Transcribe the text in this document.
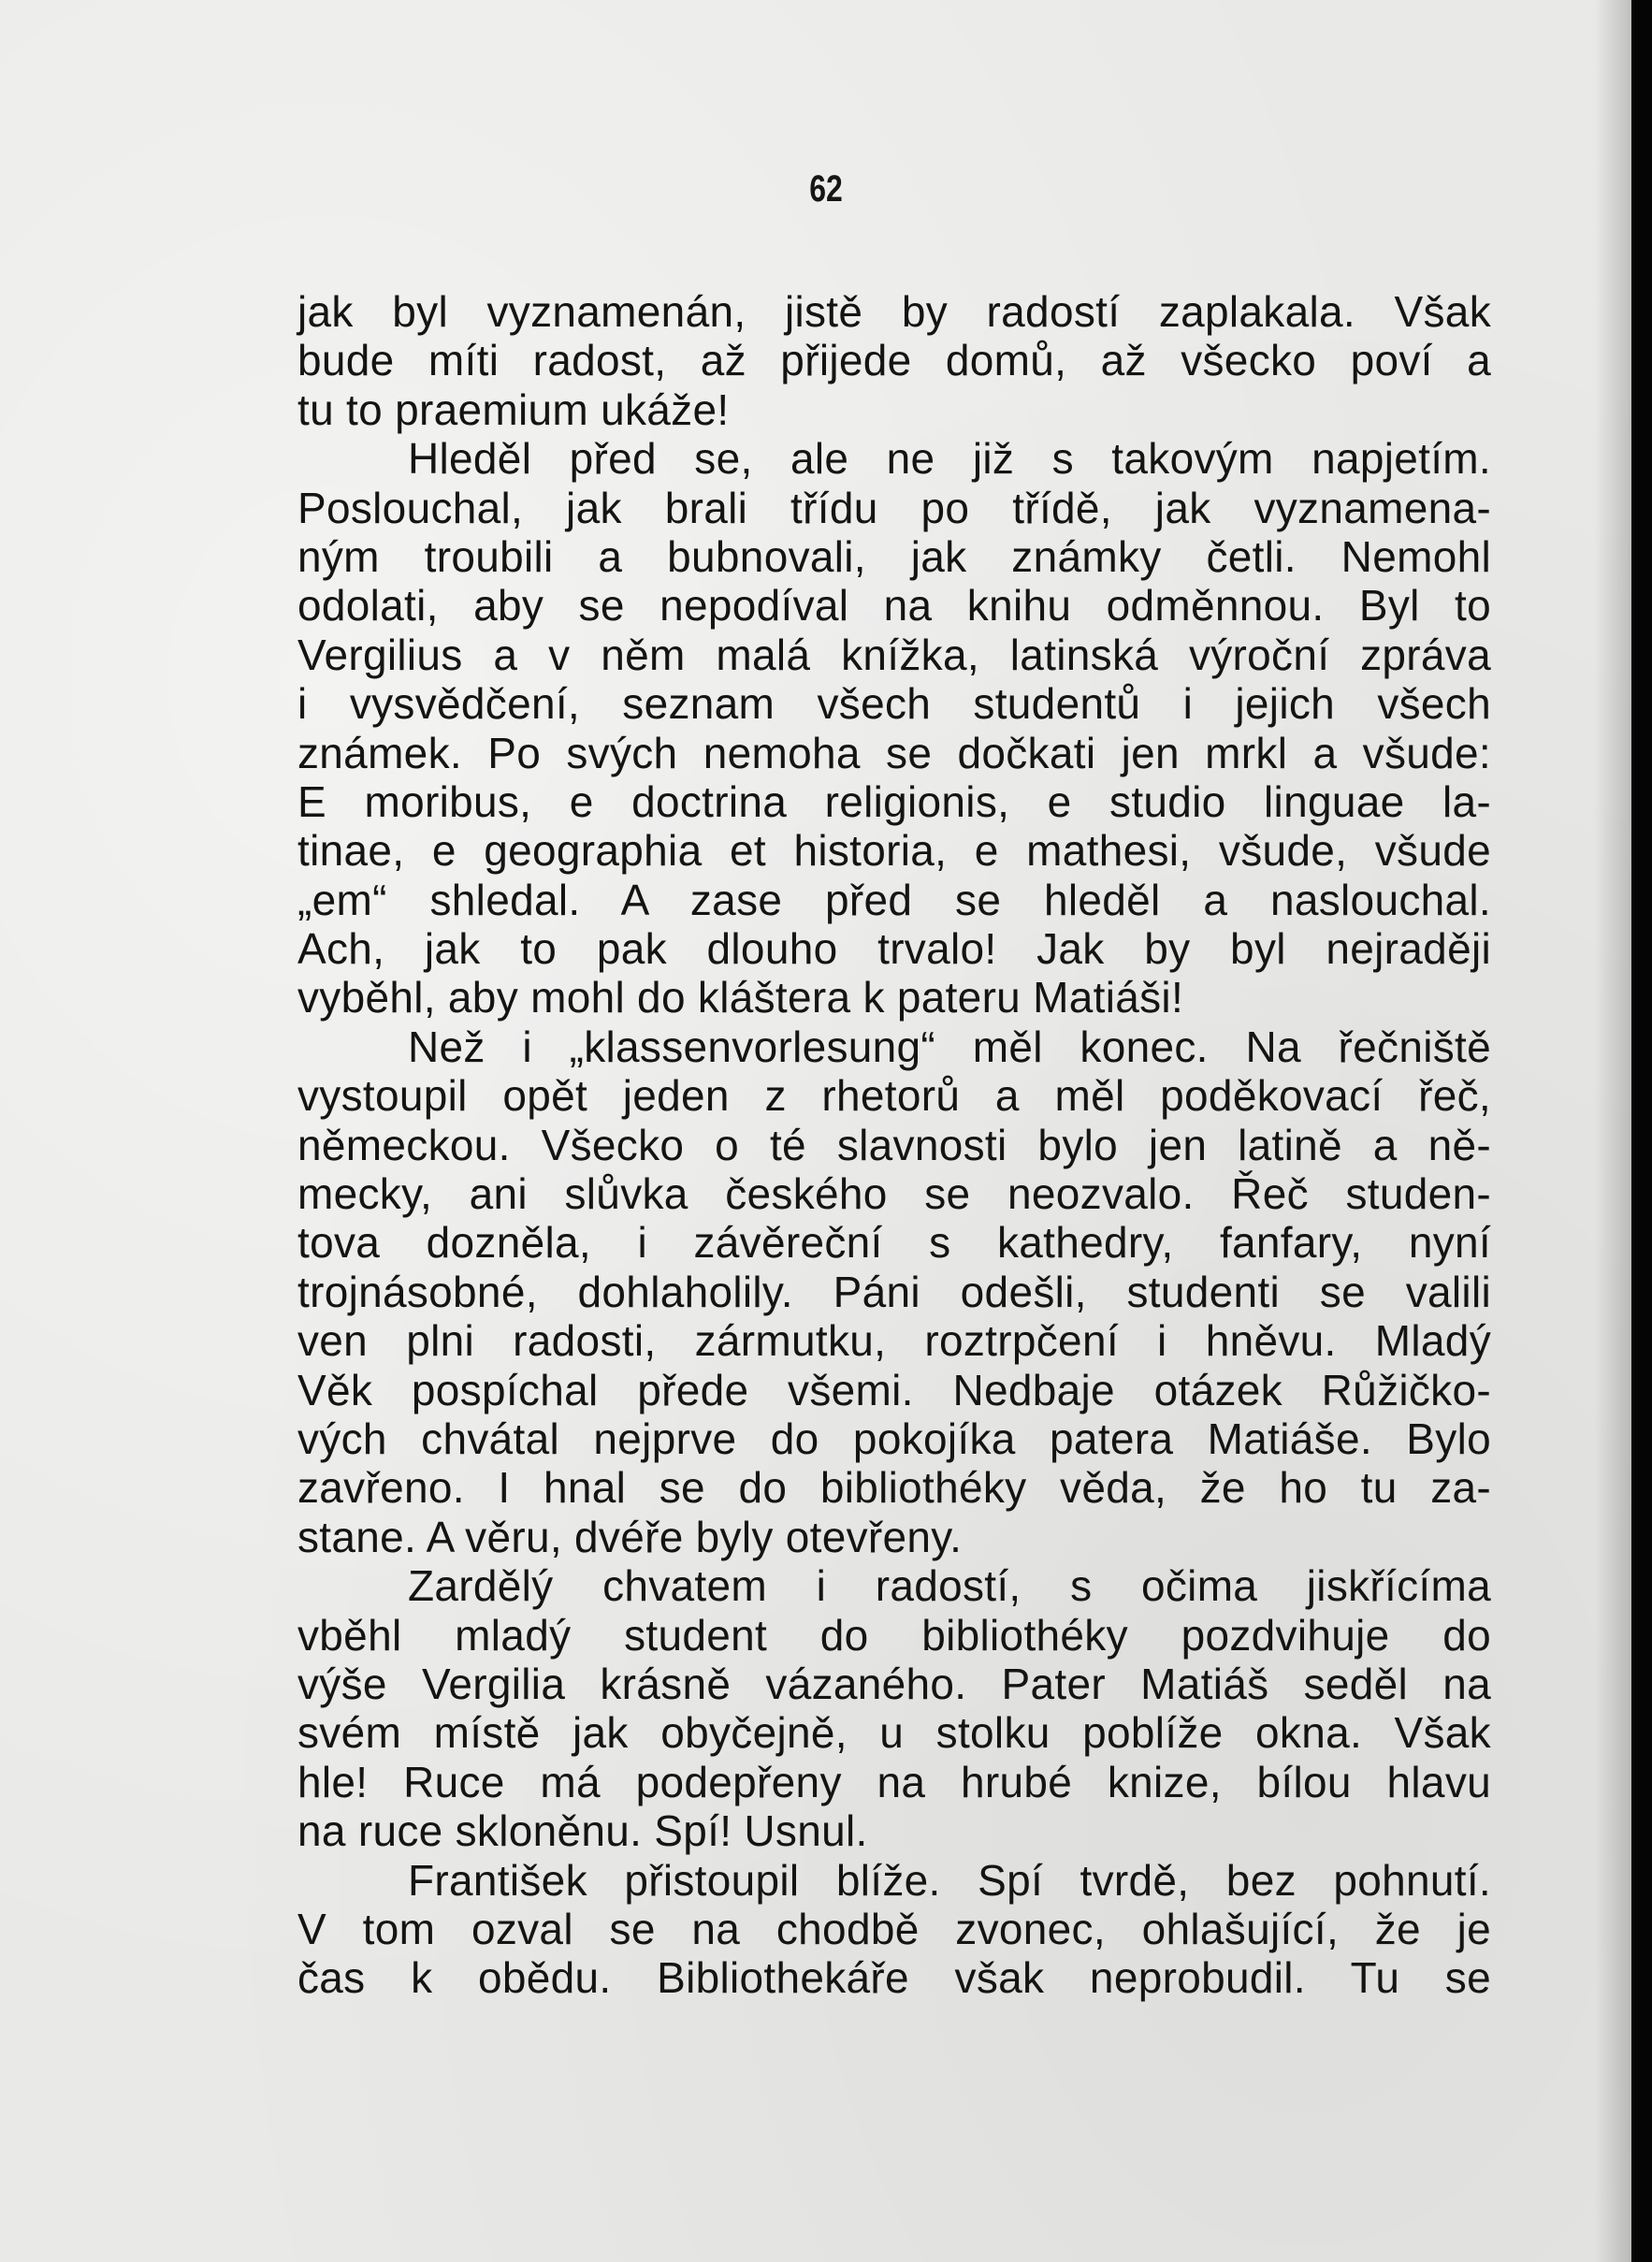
62
jak byl vyznamenán, jistě by radostí zaplakala. Však
bude míti radost, až přijede domů, až všecko poví a
tu to praemium ukáže!
Hleděl před se, ale ne již s takovým napjetím.
Poslouchal, jak brali třídu po třídě, jak vyznamena-
ným troubili a bubnovali, jak známky četli. Nemohl
odolati, aby se nepodíval na knihu odměnnou. Byl to
Vergilius a v něm malá knížka, latinská výroční zpráva
i vysvědčení, seznam všech studentů i jejich všech
známek. Po svých nemoha se dočkati jen mrkl a všude:
E moribus, e doctrina religionis, e studio linguae la-
tinae, e geographia et historia, e mathesi, všude, všude
„em“ shledal. A zase před se hleděl a naslouchal.
Ach, jak to pak dlouho trvalo! Jak by byl nejraději
vyběhl, aby mohl do kláštera k pateru Matiáši!
Než i „klassenvorlesung“ měl konec. Na řečniště
vystoupil opět jeden z rhetorů a měl poděkovací řeč,
německou. Všecko o té slavnosti bylo jen latině a ně-
mecky, ani slůvka českého se neozvalo. Řeč studen-
tova dozněla, i závěreční s kathedry, fanfary, nyní
trojnásobné, dohlaholily. Páni odešli, studenti se valili
ven plni radosti, zármutku, roztrpčení i hněvu. Mladý
Věk pospíchal přede všemi. Nedbaje otázek Růžičko-
vých chvátal nejprve do pokojíka patera Matiáše. Bylo
zavřeno. I hnal se do bibliothéky věda, že ho tu za-
stane. A věru, dvéře byly otevřeny.
Zardělý chvatem i radostí, s očima jiskřícíma
vběhl mladý student do bibliothéky pozdvihuje do
výše Vergilia krásně vázaného. Pater Matiáš seděl na
svém místě jak obyčejně, u stolku poblíže okna. Však
hle! Ruce má podepřeny na hrubé knize, bílou hlavu
na ruce skloněnu. Spí! Usnul.
František přistoupil blíže. Spí tvrdě, bez pohnutí.
V tom ozval se na chodbě zvonec, ohlašující, že je
čas k obědu. Bibliothekáře však neprobudil. Tu se
